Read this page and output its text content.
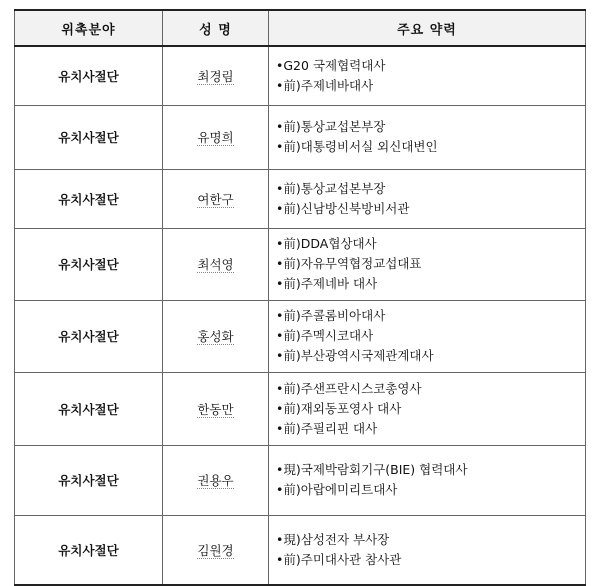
위촉분야	성 명	주요 약력
유치사절단	최경림	•G20 국제협력대사
•前)주제네바대사

유치사절단	유명희	•前)통상교섭본부장
•前)대통령비서실 외신대변인

유치사절단	여한구	•前)통상교섭본부장
•前)신남방신북방비서관

유치사절단	최석영	•前)DDA협상대사
•前)자유무역협정교섭대표
•前)주제네바 대사

유치사절단	홍성화	•前)주콜롬비아대사
•前)주멕시코대사
•前)부산광역시국제관계대사

유치사절단	한동만	•前)주샌프란시스코총영사
•前)재외동포영사 대사
•前)주필리핀 대사

유치사절단	권용우	•現)국제박람회기구(BIE) 협력대사
•前)아랍에미리트대사

유치사절단	김원경	•現)삼성전자 부사장
•前)주미대사관 참사관
